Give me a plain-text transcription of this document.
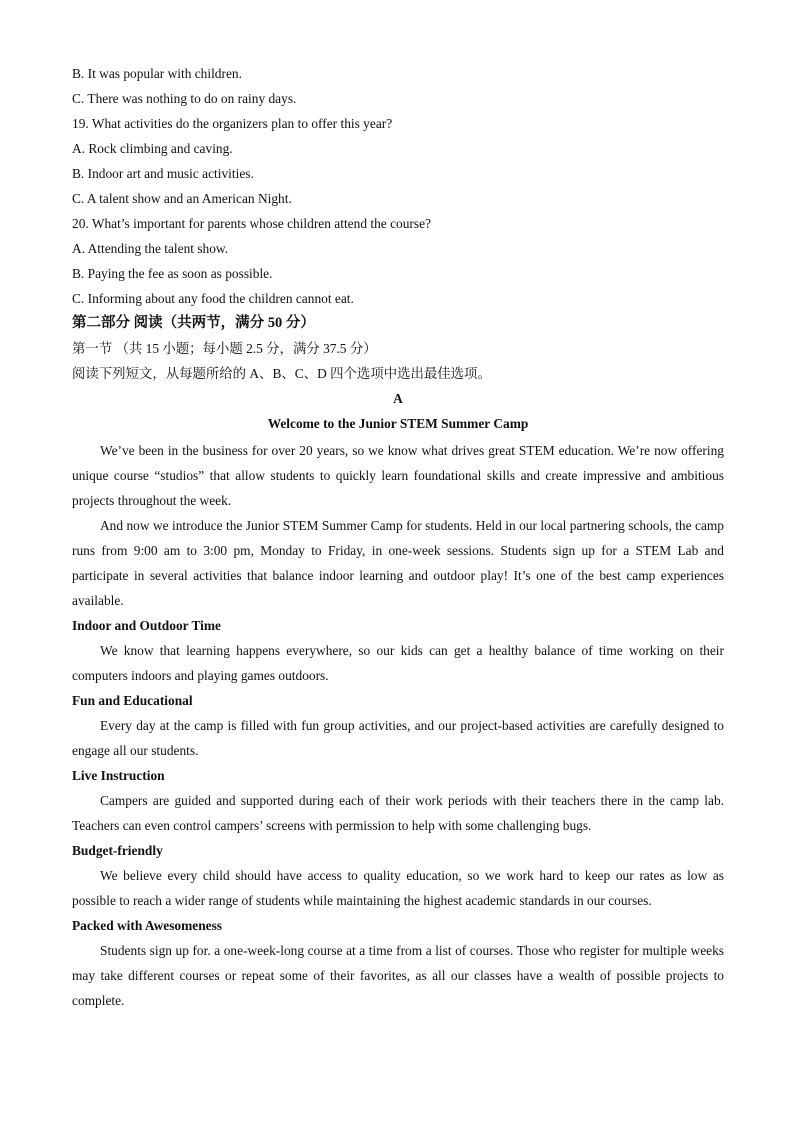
B. It was popular with children.
C. There was nothing to do on rainy days.
19. What activities do the organizers plan to offer this year?
A. Rock climbing and caving.
B. Indoor art and music activities.
C. A talent show and an American Night.
20. What’s important for parents whose children attend the course?
A. Attending the talent show.
B. Paying the fee as soon as possible.
C. Informing about any food the children cannot eat.
第二部分 阅读（共两节，满分 50 分）
第一节 （共 15 小题；每小题 2.5 分，满分 37.5 分）
阅读下列短文，从每题所给的 A、B、C、D 四个选项中选出最佳选项。
A
Welcome to the Junior STEM Summer Camp

We’ve been in the business for over 20 years, so we know what drives great STEM education. We’re now offering unique course “studios” that allow students to quickly learn foundational skills and create impressive and ambitious projects throughout the week.

And now we introduce the Junior STEM Summer Camp for students. Held in our local partnering schools, the camp runs from 9:00 am to 3:00 pm, Monday to Friday, in one-week sessions. Students sign up for a STEM Lab and participate in several activities that balance indoor learning and outdoor play! It’s one of the best camp experiences available.

Indoor and Outdoor Time

We know that learning happens everywhere, so our kids can get a healthy balance of time working on their computers indoors and playing games outdoors.

Fun and Educational

Every day at the camp is filled with fun group activities, and our project-based activities are carefully designed to engage all our students.

Live Instruction

Campers are guided and supported during each of their work periods with their teachers there in the camp lab. Teachers can even control campers’ screens with permission to help with some challenging bugs.

Budget-friendly

We believe every child should have access to quality education, so we work hard to keep our rates as low as possible to reach a wider range of students while maintaining the highest academic standards in our courses.

Packed with Awesomeness

Students sign up for. a one-week-long course at a time from a list of courses. Those who register for multiple weeks may take different courses or repeat some of their favorites, as all our classes have a wealth of possible projects to complete.
